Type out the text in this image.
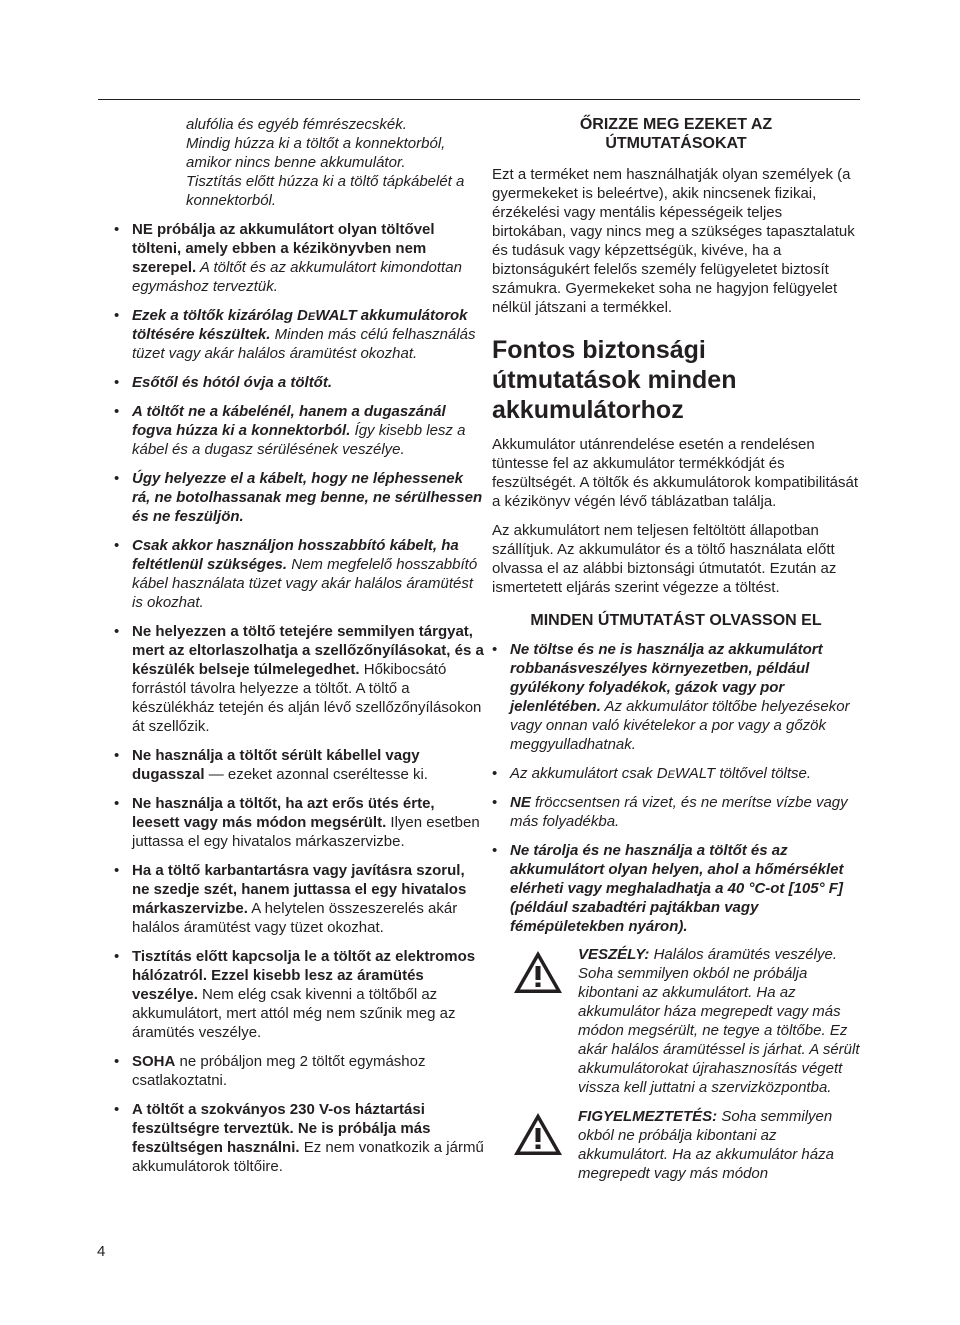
alufólia és egyéb fémrészecskék.

Mindig húzza ki a töltőt a konnektorból, amikor nincs benne akkumulátor.

Tisztítás előtt húzza ki a töltő tápkábelét a konnektorból.

• NE próbálja az akkumulátort olyan töltővel tölteni, amely ebben a kézikönyvben nem szerepel. A töltőt és az akkumulátort kimondottan egymáshoz terveztük.
• Ezek a töltők kizárólag DeWALT akkumulátorok töltésére készültek. Minden más célú felhasználás tüzet vagy akár halálos áramütést okozhat.
• Esőtől és hótól óvja a töltőt.
• A töltőt ne a kábelénél, hanem a dugaszánál fogva húzza ki a konnektorból. Így kisebb lesz a kábel és a dugasz sérülésének veszélye.
• Úgy helyezze el a kábelt, hogy ne léphessenek rá, ne botolhassanak meg benne, ne sérülhessen és ne feszüljön.
• Csak akkor használjon hosszabbító kábelt, ha feltétlenül szükséges. Nem megfelelő hosszabbító kábel használata tüzet vagy akár halálos áramütést is okozhat.
• Ne helyezzen a töltő tetejére semmilyen tárgyat, mert az eltorlaszolhatja a szellőzőnyílásokat, és a készülék belseje túlmelegedhet. Hőkibocsátó forrástól távolra helyezze a töltőt. A töltő a készülékház tetején és alján lévő szellőzőnyílásokon át szellőzik.
• Ne használja a töltőt sérült kábellel vagy dugasszal — ezeket azonnal cseréltesse ki.
• Ne használja a töltőt, ha azt erős ütés érte, leesett vagy más módon megsérült. Ilyen esetben juttassa el egy hivatalos márkaszervizbe.
• Ha a töltő karbantartásra vagy javításra szorul, ne szedje szét, hanem juttassa el egy hivatalos márkaszervizbe. A helytelen összeszerelés akár halálos áramütést vagy tüzet okozhat.
• Tisztítás előtt kapcsolja le a töltőt az elektromos hálózatról. Ezzel kisebb lesz az áramütés veszélye. Nem elég csak kivenni a töltőből az akkumulátort, mert attól még nem szűnik meg az áramütés veszélye.
• SOHA ne próbáljon meg 2 töltőt egymáshoz csatlakoztatni.
• A töltőt a szokványos 230 V-os háztartási feszültségre terveztük. Ne is próbálja más feszültségen használni. Ez nem vonatkozik a jármű akkumulátorok töltőire.
ŐRIZZE MEG EZEKET AZ
ÚTMUTATÁSOKAT

Ezt a terméket nem használhatják olyan személyek (a gyermekeket is beleértve), akik nincsenek fizikai, érzékelési vagy mentális képességeik teljes birtokában, vagy nincs meg a szükséges tapasztalatuk és tudásuk vagy képzettségük, kivéve, ha a biztonságukért felelős személy felügyeletet biztosít számukra. Gyermekeket soha ne hagyjon felügyelet nélkül játszani a termékkel.

Fontos biztonsági útmutatások minden akkumulátorhoz

Akkumulátor utánrendelése esetén a rendelésen tüntesse fel az akkumulátor termékkódját és feszültségét. A töltők és akkumulátorok kompatibilitását a kézikönyv végén lévő táblázatban találja.

Az akkumulátort nem teljesen feltöltött állapotban szállítjuk. Az akkumulátor és a töltő használata előtt olvassa el az alábbi biztonsági útmutatót. Ezután az ismertetett eljárás szerint végezze a töltést.

MINDEN ÚTMUTATÁST OLVASSON EL
• Ne töltse és ne is használja az akkumulátort robbanásveszélyes környezetben, például gyúlékony folyadékok, gázok vagy por jelenlétében. Az akkumulátor töltőbe helyezésekor vagy onnan való kivételekor a por vagy a gőzök meggyulladhatnak.
• Az akkumulátort csak DeWALT töltővel töltse.
• NE fröccsentsen rá vizet, és ne merítse vízbe vagy más folyadékba.
• Ne tárolja és ne használja a töltőt és az akkumulátort olyan helyen, ahol a hőmérséklet elérheti vagy meghaladhatja a 40 °C-ot [105° F] (például szabadtéri pajtákban vagy fémépületekben nyáron).
VESZÉLY: Halálos áramütés veszélye. Soha semmilyen okból ne próbálja kibontani az akkumulátort. Ha az akkumulátor háza megrepedt vagy más módon megsérült, ne tegye a töltőbe. Ez akár halálos áramütéssel is járhat. A sérült akkumulátorokat újrahasznosítás végett vissza kell juttatni a szervizközpontba.
FIGYELMEZTETÉS: Soha semmilyen okból ne próbálja kibontani az akkumulátort. Ha az akkumulátor háza megrepedt vagy más módon
4
